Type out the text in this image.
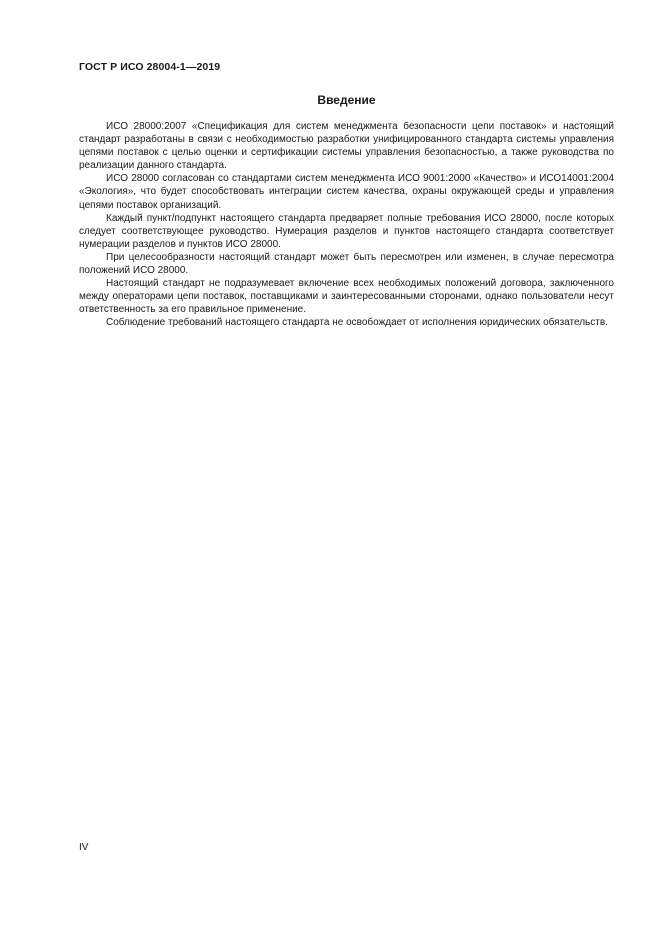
ГОСТ Р ИСО 28004-1—2019
Введение

ИСО 28000:2007 «Спецификация для систем менеджмента безопасности цепи поставок» и настоящий стандарт разработаны в связи с необходимостью разработки унифицированного стандарта системы управления цепями поставок с целью оценки и сертификации системы управления безопасностью, а также руководства по реализации данного стандарта.

ИСО 28000 согласован со стандартами систем менеджмента ИСО 9001:2000 «Качество» и ИСО14001:2004 «Экология», что будет способствовать интеграции систем качества, охраны окружающей среды и управления цепями поставок организаций.

Каждый пункт/подпункт настоящего стандарта предваряет полные требования ИСО 28000, после которых следует соответствующее руководство. Нумерация разделов и пунктов настоящего стандарта соответствует нумерации разделов и пунктов ИСО 28000.

При целесообразности настоящий стандарт может быть пересмотрен или изменен, в случае пересмотра положений ИСО 28000.

Настоящий стандарт не подразумевает включение всех необходимых положений договора, заключенного между операторами цепи поставок, поставщиками и заинтересованными сторонами, однако пользователи несут ответственность за его правильное применение.

Соблюдение требований настоящего стандарта не освобождает от исполнения юридических обязательств.

IV
